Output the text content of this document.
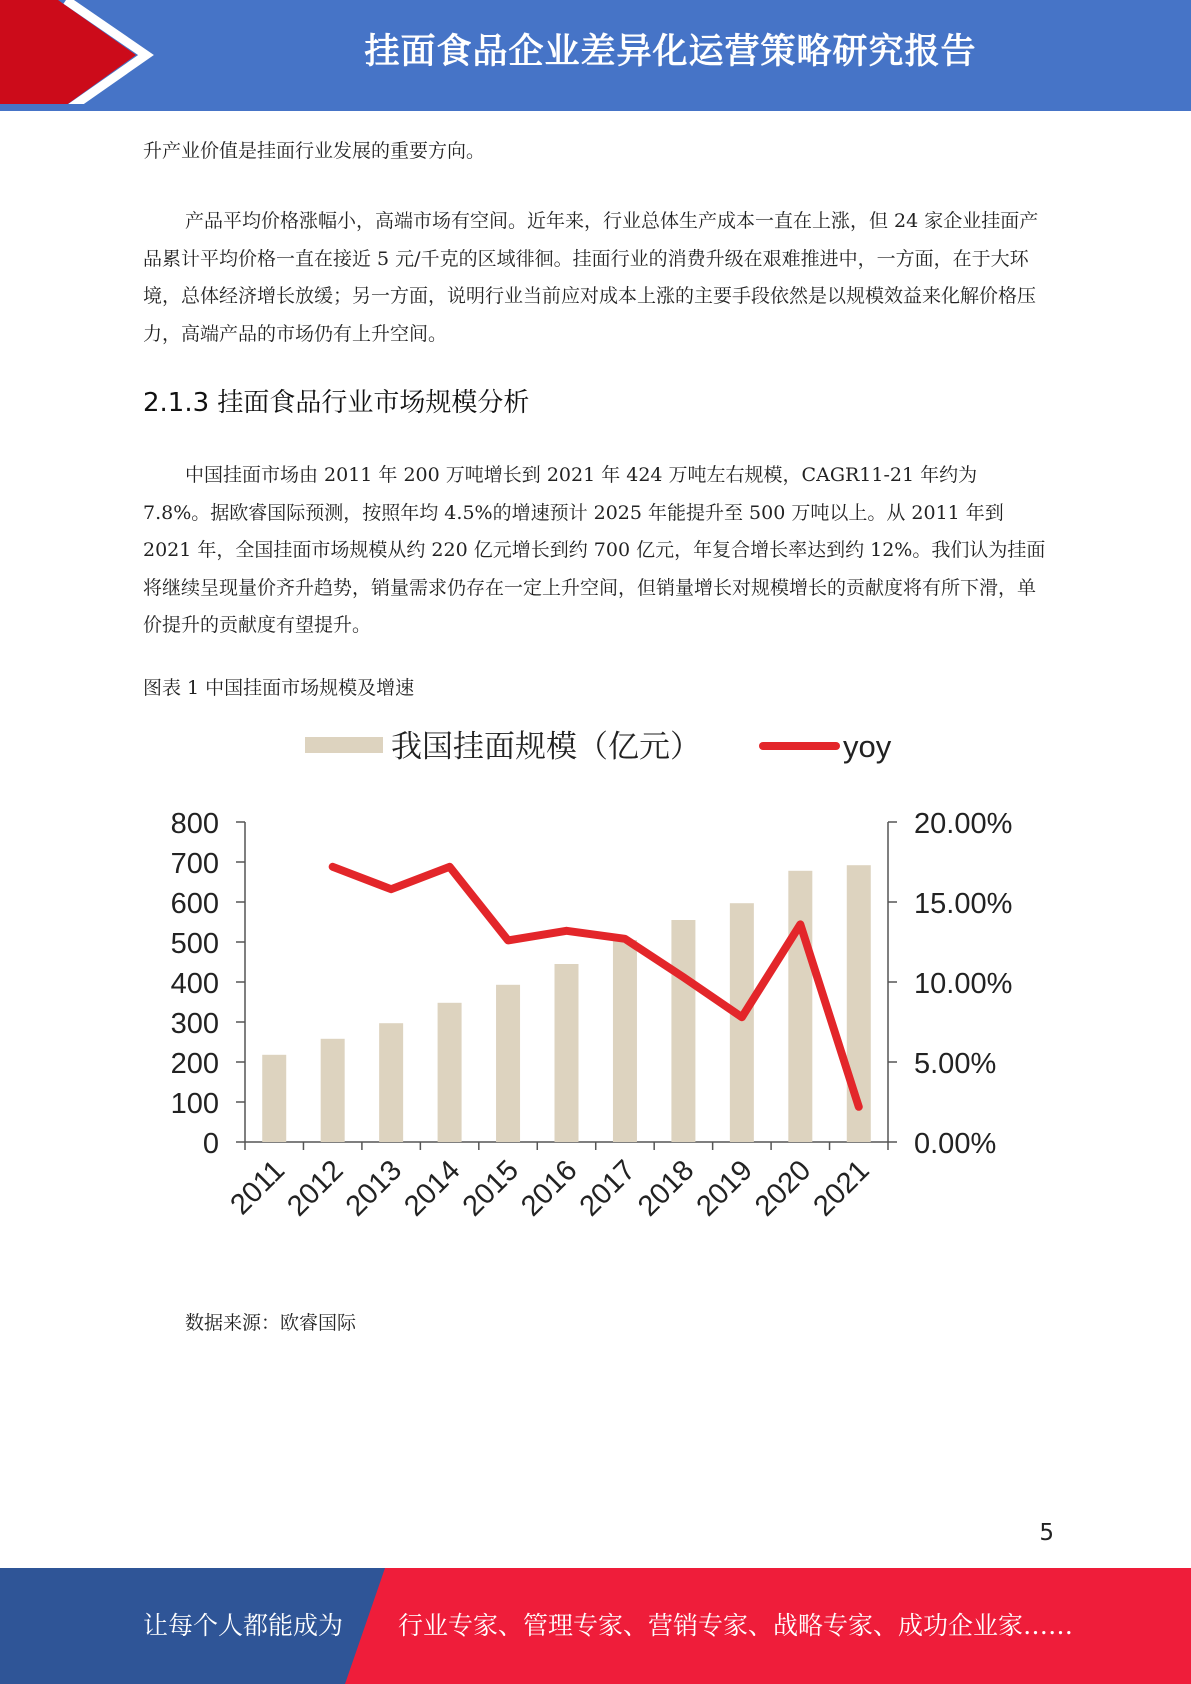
挂面食品企业差异化运营策略研究报告

升产业价值是挂面行业发展的重要方向。

产品平均价格涨幅小，高端市场有空间。近年来，行业总体生产成本一直在上涨，但 24 家企业挂面产品累计平均价格一直在接近 5 元/千克的区域徘徊。挂面行业的消费升级在艰难推进中，一方面，在于大环境，总体经济增长放缓；另一方面，说明行业当前应对成本上涨的主要手段依然是以规模效益来化解价格压力，高端产品的市场仍有上升空间。

2.1.3 挂面食品行业市场规模分析

中国挂面市场由 2011 年 200 万吨增长到 2021 年 424 万吨左右规模，CAGR11-21 年约为 7.8%。据欧睿国际预测，按照年均 4.5%的增速预计 2025 年能提升至 500 万吨以上。从 2011 年到 2021 年，全国挂面市场规模从约 220 亿元增长到约 700 亿元，年复合增长率达到约 12%。我们认为挂面将继续呈现量价齐升趋势，销量需求仍存在一定上升空间，但销量增长对规模增长的贡献度将有所下滑，单价提升的贡献度有望提升。

图表 1 中国挂面市场规模及增速

我国挂面规模（亿元）	yoy
800
700
600
500
400
300
200
100
0
20.00%
15.00%
10.00%
5.00%
0.00%
2011
2012
2013
2014
2015
2016
2017
2018
2019
2020
2021

数据来源：欧睿国际

5
让每个人都能成为 行业专家、管理专家、营销专家、战略专家、成功企业家……
